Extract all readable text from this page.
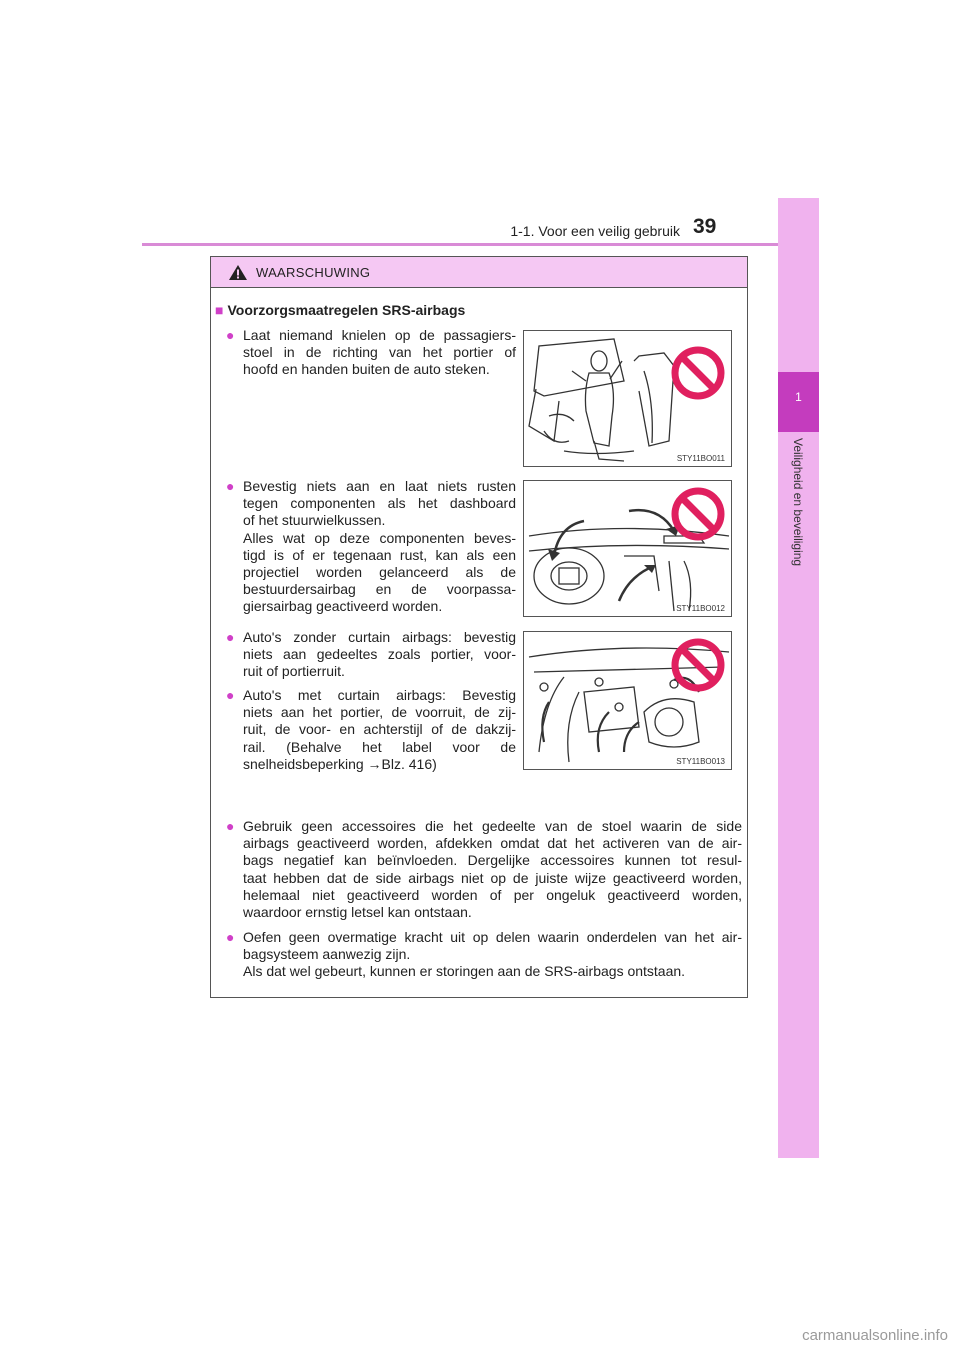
1-1. Voor een veilig gebruik 39
1
Veiligheid en beveiliging
WAARSCHUWING
■ Voorzorgsmaatregelen SRS-airbags
● Laat niemand knielen op de passagiers-
stoel in de richting van het portier of
hoofd en handen buiten de auto steken.
● Bevestig niets aan en laat niets rusten
tegen componenten als het dashboard
of het stuurwielkussen.
Alles wat op deze componenten beves-
tigd is of er tegenaan rust, kan als een
projectiel worden gelanceerd als de
bestuurdersairbag en de voorpassa-
giersairbag geactiveerd worden.
● Auto's zonder curtain airbags: bevestig
niets aan gedeeltes zoals portier, voor-
ruit of portierruit.
● Auto's met curtain airbags: Bevestig
niets aan het portier, de voorruit, de zij-
ruit, de voor- en achterstijl of de dakzij-
rail. (Behalve het label voor de
snelheidsbeperking →Blz. 416)
● Gebruik geen accessoires die het gedeelte van de stoel waarin de side
airbags geactiveerd worden, afdekken omdat dat het activeren van de air-
bags negatief kan beïnvloeden. Dergelijke accessoires kunnen tot resul-
taat hebben dat de side airbags niet op de juiste wijze geactiveerd worden,
helemaal niet geactiveerd worden of per ongeluk geactiveerd worden,
waardoor ernstig letsel kan ontstaan.
● Oefen geen overmatige kracht uit op delen waarin onderdelen van het air-
bagsysteem aanwezig zijn.
Als dat wel gebeurt, kunnen er storingen aan de SRS-airbags ontstaan.
STY11BO011
STY11BO012
STY11BO013
carmanualsonline.info
